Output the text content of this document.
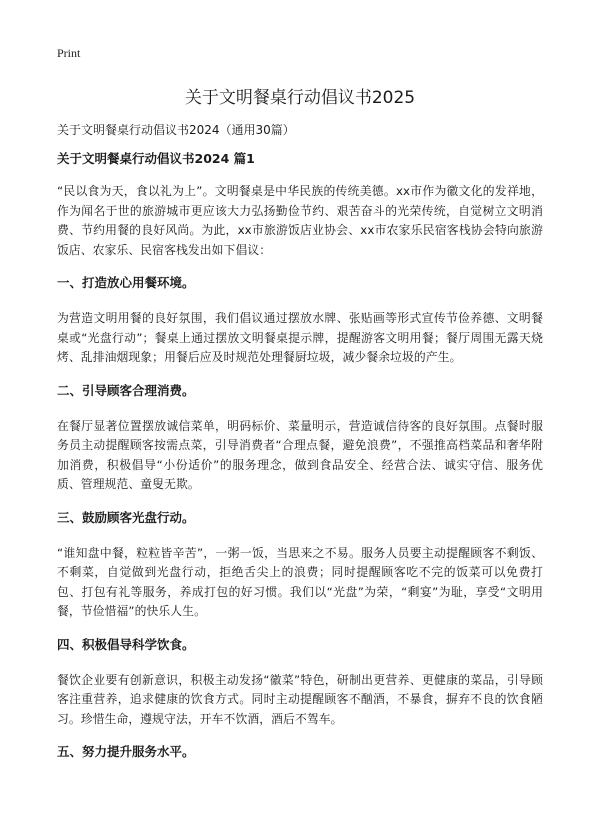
Print
关于文明餐桌行动倡议书2025

关于文明餐桌行动倡议书2024（通用30篇）

关于文明餐桌行动倡议书2024 篇1

“民以食为天，食以礼为上”。文明餐桌是中华民族的传统美德。xx市作为徽文化的发祥地，作为闻名于世的旅游城市更应该大力弘扬勤俭节约、艰苦奋斗的光荣传统，自觉树立文明消费、节约用餐的良好风尚。为此，xx市旅游饭店业协会、xx市农家乐民宿客栈协会特向旅游饭店、农家乐、民宿客栈发出如下倡议：

一、打造放心用餐环境。

为营造文明用餐的良好氛围，我们倡议通过摆放水牌、张贴画等形式宣传节俭养德、文明餐桌或“光盘行动”；餐桌上通过摆放文明餐桌提示牌，提醒游客文明用餐；餐厅周围无露天烧烤、乱排油烟现象；用餐后应及时规范处理餐厨垃圾，减少餐余垃圾的产生。

二、引导顾客合理消费。

在餐厅显著位置摆放诚信菜单，明码标价、菜量明示，营造诚信待客的良好氛围。点餐时服务员主动提醒顾客按需点菜，引导消费者“合理点餐，避免浪费”，不强推高档菜品和奢华附加消费，积极倡导“小份适价”的服务理念，做到食品安全、经营合法、诚实守信、服务优质、管理规范、童叟无欺。

三、鼓励顾客光盘行动。

“谁知盘中餐，粒粒皆辛苦”，一粥一饭，当思来之不易。服务人员要主动提醒顾客不剩饭、不剩菜，自觉做到光盘行动，拒绝舌尖上的浪费；同时提醒顾客吃不完的饭菜可以免费打包、打包有礼等服务，养成打包的好习惯。我们以“光盘”为荣，“剩宴”为耻，享受“文明用餐，节俭惜福”的快乐人生。

四、积极倡导科学饮食。

餐饮企业要有创新意识，积极主动发扬“徽菜”特色，研制出更营养、更健康的菜品，引导顾客注重营养，追求健康的饮食方式。同时主动提醒顾客不酗酒，不暴食，摒弃不良的饮食陋习。珍惜生命，遵规守法，开车不饮酒，酒后不驾车。

五、努力提升服务水平。
